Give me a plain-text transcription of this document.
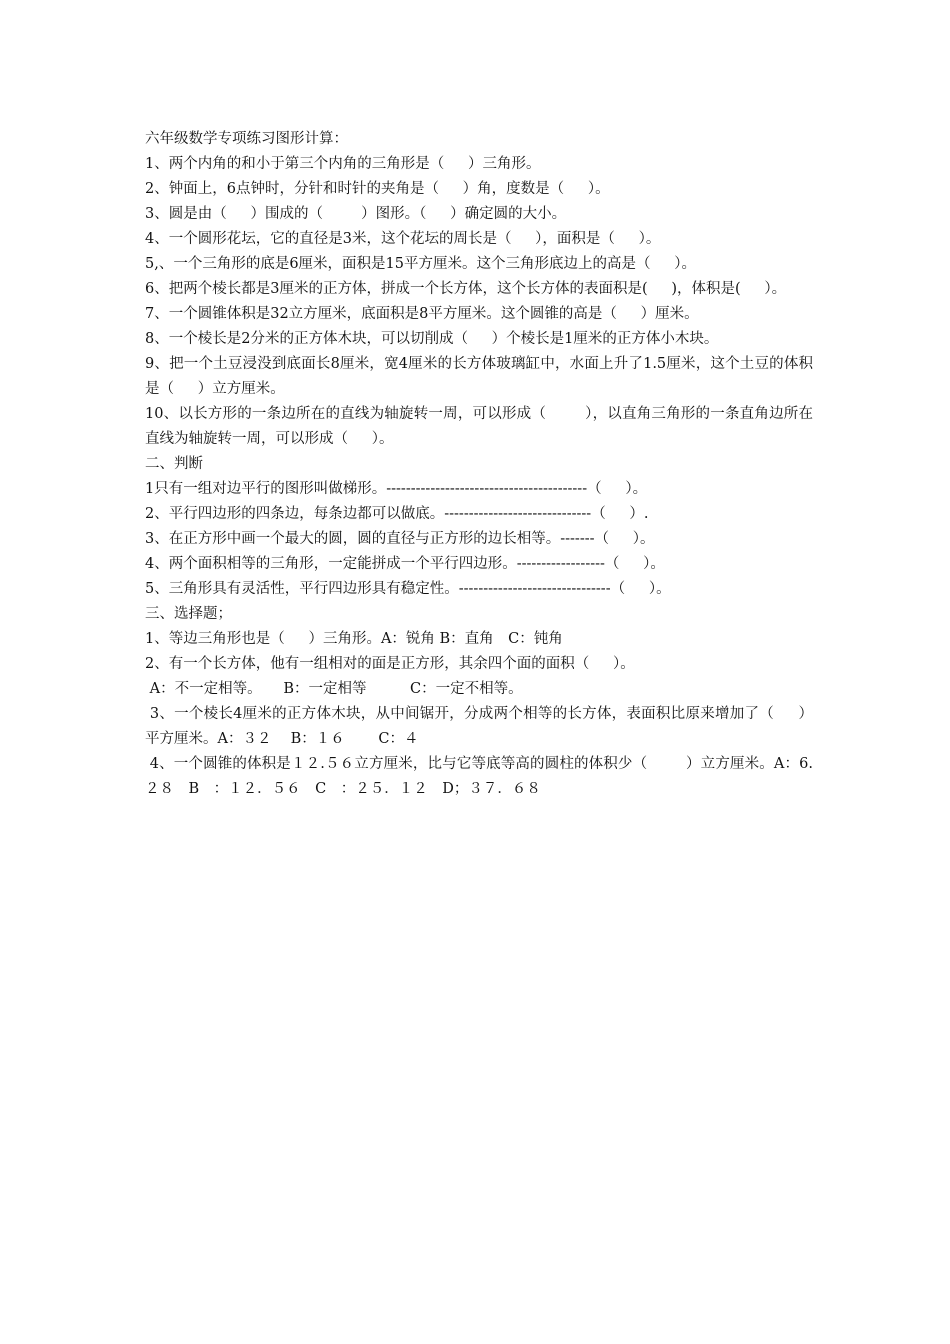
六年级数学专项练习图形计算：
1、两个内角的和小于第三个内角的三角形是（　  ）三角形。
2、钟面上，6点钟时，分针和时针的夹角是（　  ）角，度数是（　  ）。
3、圆是由（　  ）围成的（　　  ）图形。（　  ）确定圆的大小。
4、一个圆形花坛，它的直径是3米，这个花坛的周长是（　  ），面积是（　  ）。
5,、一个三角形的底是6厘米，面积是15平方厘米。这个三角形底边上的高是（　  ）。
6、把两个棱长都是3厘米的正方体，拼成一个长方体，这个长方体的表面积是(　  )，体积是(　  ）。
7、一个圆锥体积是32立方厘米，底面积是8平方厘米。这个圆锥的高是（　  ）厘米。
8、一个棱长是2分米的正方体木块，可以切削成（　  ）个棱长是1厘米的正方体小木块。
9、把一个土豆浸没到底面长8厘米，宽4厘米的长方体玻璃缸中，水面上升了1.5厘米，这个土豆的体积是（　  ）立方厘米。
10、以长方形的一条边所在的直线为轴旋转一周，可以形成（　　  ），以直角三角形的一条直角边所在直线为轴旋转一周，可以形成（　  ）。
二、判断
1只有一组对边平行的图形叫做梯形。-----------------------------------------（　  ）。
2、平行四边形的四条边，每条边都可以做底。------------------------------（　  ）.
3、在正方形中画一个最大的圆，圆的直径与正方形的边长相等。-------（　  ）。
4、两个面积相等的三角形，一定能拼成一个平行四边形。------------------（　  ）。
5、三角形具有灵活性，平行四边形具有稳定性。-------------------------------（　  ）。
三、选择题；
1、等边三角形也是（　  ）三角形。A：锐角 B：直角　C：钝角
2、有一个长方体，他有一组相对的面是正方形，其余四个面的面积（　  ）。
A：不一定相等。　　B：一定相等　　　C：一定不相等。
3、一个棱长4厘米的正方体木块，从中间锯开，分成两个相等的长方体，表面积比原来增加了（　  ）平方厘米。A：３２　 B：１６　　 C：４
4、一个圆锥的体积是１２.５６立方厘米，比与它等底等高的圆柱的体积少（　　  ）立方厘米。A：6.２８　B　：１２．５６　C　：２５．１２　D；３７．６８
